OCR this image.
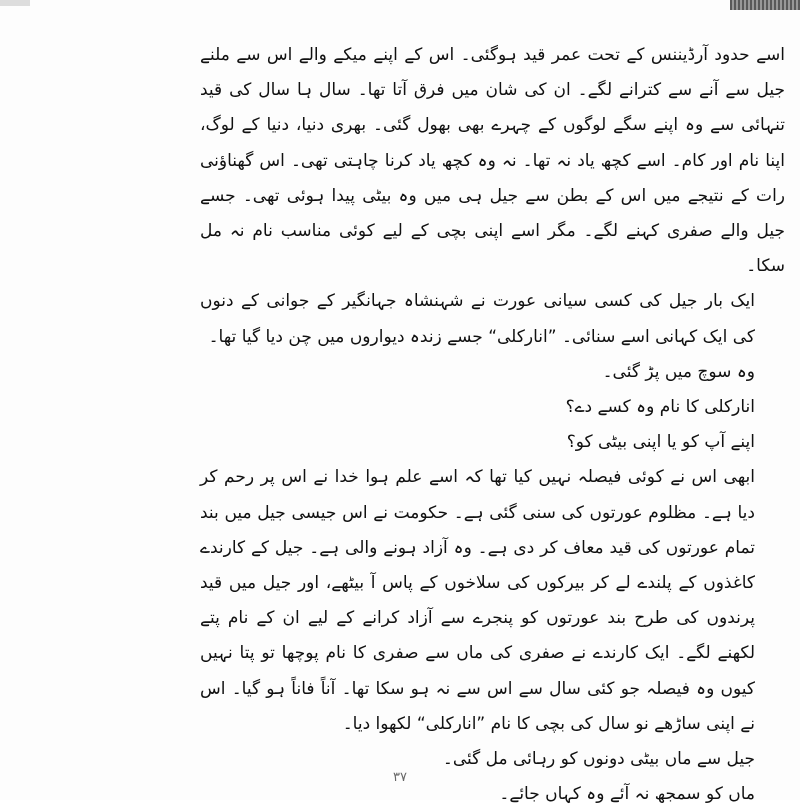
اسے حدود آرڈیننس کے تحت عمر قید ہوگئی۔ اس کے اپنے میکے والے اس سے ملنے جیل سے آنے سے کترانے لگے۔ ان کی شان میں فرق آتا تھا۔ سال ہا سال کی قید تنہائی سے وہ اپنے سگے لوگوں کے چہرے بھی بھول گئی۔ بھری دنیا، دنیا کے لوگ، اپنا نام اور کام۔ اسے کچھ یاد نہ تھا۔ نہ وہ کچھ یاد کرنا چاہتی تھی۔ اس گھناؤنی رات کے نتیجے میں اس کے بطن سے جیل ہی میں وہ بیٹی پیدا ہوئی تھی۔ جسے جیل والے صفری کہنے لگے۔ مگر اسے اپنی بچی کے لیے کوئی مناسب نام نہ مل سکا۔

ایک بار جیل کی کسی سیانی عورت نے شہنشاہ جہانگیر کے جوانی کے دنوں کی ایک کہانی اسے سنائی۔ ”انارکلی“ جسے زندہ دیواروں میں چن دیا گیا تھا۔

وہ سوچ میں پڑ گئی۔

انارکلی کا نام وہ کسے دے؟

اپنے آپ کو یا اپنی بیٹی کو؟

ابھی اس نے کوئی فیصلہ نہیں کیا تھا کہ اسے علم ہوا خدا نے اس پر رحم کر دیا ہے۔ مظلوم عورتوں کی سنی گئی ہے۔ حکومت نے اس جیسی جیل میں بند تمام عورتوں کی قید معاف کر دی ہے۔ وہ آزاد ہونے والی ہے۔ جیل کے کارندے کاغذوں کے پلندے لے کر بیرکوں کی سلاخوں کے پاس آ بیٹھے، اور جیل میں قید پرندوں کی طرح بند عورتوں کو پنجرے سے آزاد کرانے کے لیے ان کے نام پتے لکھنے لگے۔ ایک کارندے نے صفری کی ماں سے صفری کا نام پوچھا تو پتا نہیں کیوں وہ فیصلہ جو کئی سال سے اس سے نہ ہو سکا تھا۔ آناً فاناً ہو گیا۔ اس نے اپنی ساڑھے نو سال کی بچی کا نام ”انارکلی“ لکھوا دیا۔

جیل سے ماں بیٹی دونوں کو رہائی مل گئی۔

ماں کو سمجھ نہ آئے وہ کہاں جائے۔

۳۷
